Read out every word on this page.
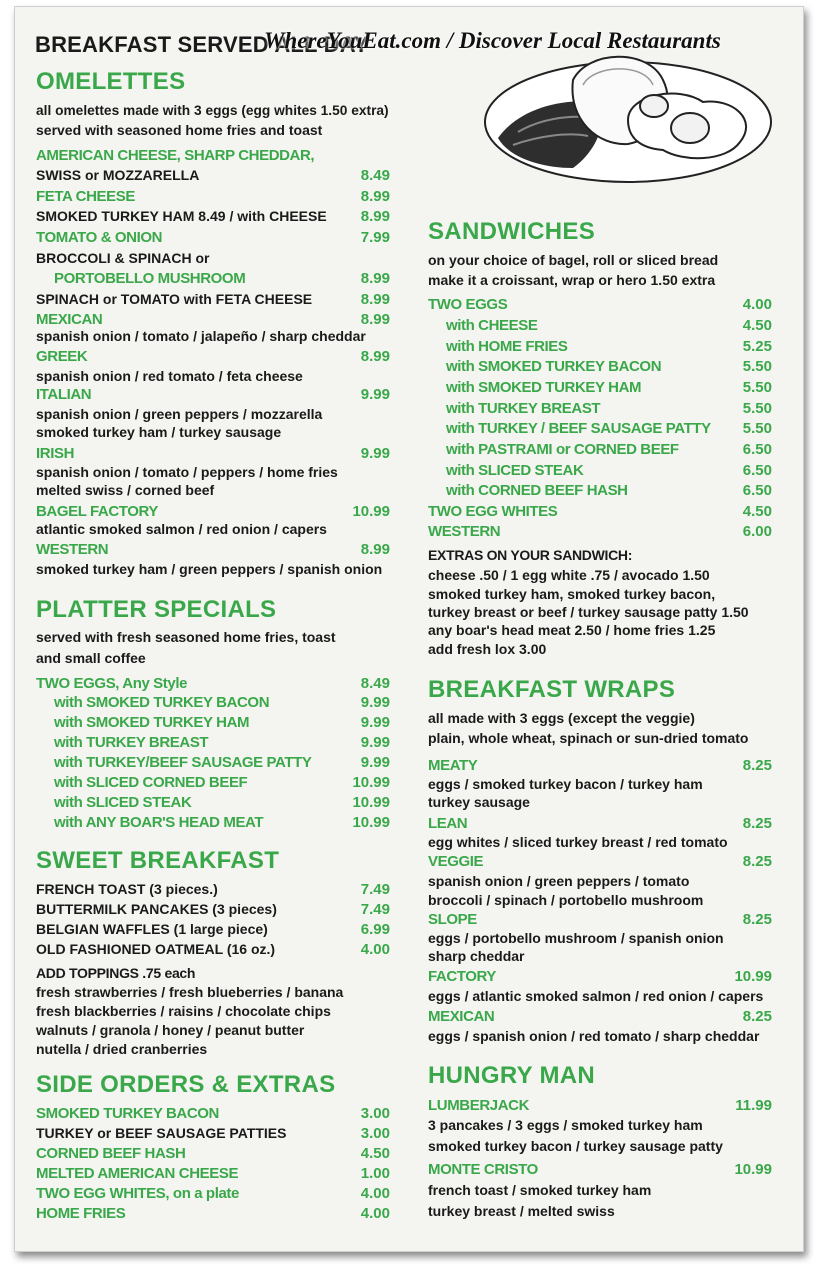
BREAKFAST SERVED ALL DAY
WhereYouEat.com / Discover Local Restaurants
OMELETTES
all omelettes made with 3 eggs (egg whites 1.50 extra)
served with seasoned home fries and toast
AMERICAN CHEESE, SHARP CHEDDAR,
SWISS or MOZZARELLA	8.49
FETA CHEESE	8.99
SMOKED TURKEY HAM 8.49 / with CHEESE	8.99
TOMATO & ONION	7.99
BROCCOLI & SPINACH or
PORTOBELLO MUSHROOM	8.99
SPINACH or TOMATO with FETA CHEESE	8.99
MEXICAN	8.99
spanish onion / tomato / jalapeño / sharp cheddar
GREEK	8.99
spanish onion / red tomato / feta cheese
ITALIAN	9.99
spanish onion / green peppers / mozzarella
smoked turkey ham / turkey sausage
IRISH	9.99
spanish onion / tomato / peppers / home fries
melted swiss / corned beef
BAGEL FACTORY	10.99
atlantic smoked salmon / red onion / capers
WESTERN	8.99
smoked turkey ham / green peppers / spanish onion
PLATTER SPECIALS
served with fresh seasoned home fries, toast
and small coffee
TWO EGGS, Any Style	8.49
with SMOKED TURKEY BACON	9.99
with SMOKED TURKEY HAM	9.99
with TURKEY BREAST	9.99
with TURKEY/BEEF SAUSAGE PATTY	9.99
with SLICED CORNED BEEF	10.99
with SLICED STEAK	10.99
with ANY BOAR'S HEAD MEAT	10.99
SWEET BREAKFAST
FRENCH TOAST (3 pieces.)	7.49
BUTTERMILK PANCAKES (3 pieces)	7.49
BELGIAN WAFFLES (1 large piece)	6.99
OLD FASHIONED OATMEAL (16 oz.)	4.00
ADD TOPPINGS .75 each
fresh strawberries / fresh blueberries / banana
fresh blackberries / raisins / chocolate chips
walnuts / granola / honey / peanut butter
nutella / dried cranberries
SIDE ORDERS & EXTRAS
SMOKED TURKEY BACON	3.00
TURKEY or BEEF SAUSAGE PATTIES	3.00
CORNED BEEF HASH	4.50
MELTED AMERICAN CHEESE	1.00
TWO EGG WHITES, on a plate	4.00
HOME FRIES	4.00
SANDWICHES
on your choice of bagel, roll or sliced bread
make it a croissant, wrap or hero 1.50 extra
TWO EGGS	4.00
with CHEESE	4.50
with HOME FRIES	5.25
with SMOKED TURKEY BACON	5.50
with SMOKED TURKEY HAM	5.50
with TURKEY BREAST	5.50
with TURKEY / BEEF SAUSAGE PATTY	5.50
with PASTRAMI or CORNED BEEF	6.50
with SLICED STEAK	6.50
with CORNED BEEF HASH	6.50
TWO EGG WHITES	4.50
WESTERN	6.00
EXTRAS ON YOUR SANDWICH:
cheese .50 / 1 egg white .75 / avocado 1.50
smoked turkey ham, smoked turkey bacon,
turkey breast or beef / turkey sausage patty 1.50
any boar's head meat 2.50 / home fries 1.25
add fresh lox 3.00
BREAKFAST WRAPS
all made with 3 eggs (except the veggie)
plain, whole wheat, spinach or sun-dried tomato
MEATY	8.25
eggs / smoked turkey bacon / turkey ham
turkey sausage
LEAN	8.25
egg whites / sliced turkey breast / red tomato
VEGGIE	8.25
spanish onion / green peppers / tomato
broccoli / spinach / portobello mushroom
SLOPE	8.25
eggs / portobello mushroom / spanish onion
sharp cheddar
FACTORY	10.99
eggs / atlantic smoked salmon / red onion / capers
MEXICAN	8.25
eggs / spanish onion / red tomato / sharp cheddar
HUNGRY MAN
LUMBERJACK	11.99
3 pancakes / 3 eggs / smoked turkey ham
smoked turkey bacon / turkey sausage patty
MONTE CRISTO	10.99
french toast / smoked turkey ham
turkey breast / melted swiss
